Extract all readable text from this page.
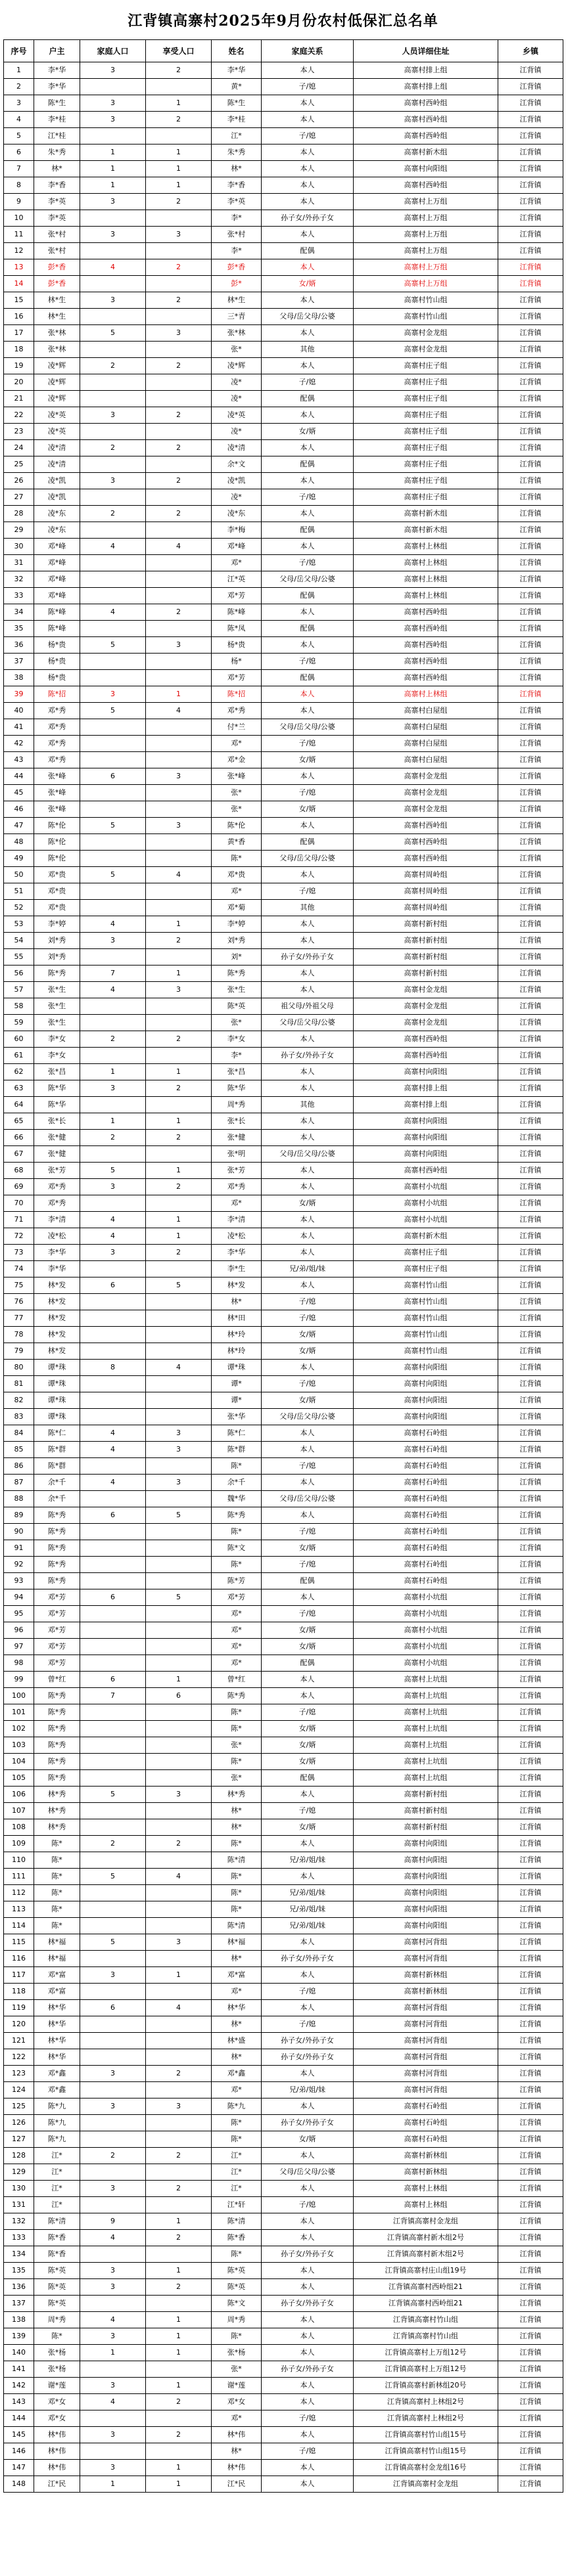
江背镇高寨村2025年9月份农村低保汇总名单
序号	户主	家庭人口	享受人口	姓名	家庭关系	人员详细住址	乡镇
1	李*华	3	2	李*华	本人	高寨村排上组	江背镇
2	李*华			黄*	子/媳	高寨村排上组	江背镇
3	陈*生	3	1	陈*生	本人	高寨村西岭组	江背镇
4	李*桂	3	2	李*桂	本人	高寨村西岭组	江背镇
5	江*桂			江*	子/媳	高寨村西岭组	江背镇
6	朱*秀	1	1	朱*秀	本人	高寨村新木组	江背镇
7	林*	1	1	林*	本人	高寨村向阳组	江背镇
8	李*香	1	1	李*香	本人	高寨村西岭组	江背镇
9	李*英	3	2	李*英	本人	高寨村上万组	江背镇
10	李*英			李*	孙子女/外孙子女	高寨村上万组	江背镇
11	张*村	3	3	张*村	本人	高寨村上万组	江背镇
12	张*村			李*	配偶	高寨村上万组	江背镇
13	彭*香	4	2	彭*香	本人	高寨村上万组	江背镇
14	彭*香			彭*	女/婿	高寨村上万组	江背镇
15	林*生	3	2	林*生	本人	高寨村竹山组	江背镇
16	林*生			三*青	父母/岳父母/公婆	高寨村竹山组	江背镇
17	张*林	5	3	张*林	本人	高寨村金龙组	江背镇
18	张*林			张*	其他	高寨村金龙组	江背镇
19	凌*辉	2	2	凌*辉	本人	高寨村庄子组	江背镇
20	凌*辉			凌*	子/媳	高寨村庄子组	江背镇
21	凌*辉			凌*	配偶	高寨村庄子组	江背镇
22	凌*英	3	2	凌*英	本人	高寨村庄子组	江背镇
23	凌*英			凌*	女/婿	高寨村庄子组	江背镇
24	凌*清	2	2	凌*清	本人	高寨村庄子组	江背镇
25	凌*清			余*文	配偶	高寨村庄子组	江背镇
26	凌*凯	3	2	凌*凯	本人	高寨村庄子组	江背镇
27	凌*凯			凌*	子/媳	高寨村庄子组	江背镇
28	凌*东	2	2	凌*东	本人	高寨村新木组	江背镇
29	凌*东			李*梅	配偶	高寨村新木组	江背镇
30	邓*峰	4	4	邓*峰	本人	高寨村上林组	江背镇
31	邓*峰			邓*	子/媳	高寨村上林组	江背镇
32	邓*峰			江*英	父母/岳父母/公婆	高寨村上林组	江背镇
33	邓*峰			邓*芳	配偶	高寨村上林组	江背镇
34	陈*峰	4	2	陈*峰	本人	高寨村西岭组	江背镇
35	陈*峰			陈*凤	配偶	高寨村西岭组	江背镇
36	杨*贵	5	3	杨*贵	本人	高寨村西岭组	江背镇
37	杨*贵			杨*	子/媳	高寨村西岭组	江背镇
38	杨*贵			邓*芳	配偶	高寨村西岭组	江背镇
39	陈*招	3	1	陈*招	本人	高寨村上林组	江背镇
40	邓*秀	5	4	邓*秀	本人	高寨村白屋组	江背镇
41	邓*秀			付*兰	父母/岳父母/公婆	高寨村白屋组	江背镇
42	邓*秀			邓*	子/媳	高寨村白屋组	江背镇
43	邓*秀			邓*金	女/婿	高寨村白屋组	江背镇
44	张*峰	6	3	张*峰	本人	高寨村金龙组	江背镇
45	张*峰			张*	子/媳	高寨村金龙组	江背镇
46	张*峰			张*	女/婿	高寨村金龙组	江背镇
47	陈*伦	5	3	陈*伦	本人	高寨村西岭组	江背镇
48	陈*伦			黄*香	配偶	高寨村西岭组	江背镇
49	陈*伦			陈*	父母/岳父母/公婆	高寨村西岭组	江背镇
50	邓*贵	5	4	邓*贵	本人	高寨村周岭组	江背镇
51	邓*贵			邓*	子/媳	高寨村周岭组	江背镇
52	邓*贵			邓*菊	其他	高寨村周岭组	江背镇
53	李*婷	4	1	李*婷	本人	高寨村新村组	江背镇
54	刘*秀	3	2	刘*秀	本人	高寨村新村组	江背镇
55	刘*秀			刘*	孙子女/外孙子女	高寨村新村组	江背镇
56	陈*秀	7	1	陈*秀	本人	高寨村新村组	江背镇
57	张*生	4	3	张*生	本人	高寨村金龙组	江背镇
58	张*生			陈*英	祖父母/外祖父母	高寨村金龙组	江背镇
59	张*生			张*	父母/岳父母/公婆	高寨村金龙组	江背镇
60	李*女	2	2	李*女	本人	高寨村西岭组	江背镇
61	李*女			李*	孙子女/外孙子女	高寨村西岭组	江背镇
62	张*昌	1	1	张*昌	本人	高寨村向阳组	江背镇
63	陈*华	3	2	陈*华	本人	高寨村排上组	江背镇
64	陈*华			周*秀	其他	高寨村排上组	江背镇
65	张*长	1	1	张*长	本人	高寨村向阳组	江背镇
66	张*健	2	2	张*健	本人	高寨村向阳组	江背镇
67	张*健			张*明	父母/岳父母/公婆	高寨村向阳组	江背镇
68	张*芳	5	1	张*芳	本人	高寨村西岭组	江背镇
69	邓*秀	3	2	邓*秀	本人	高寨村小坑组	江背镇
70	邓*秀			邓*	女/婿	高寨村小坑组	江背镇
71	李*清	4	1	李*清	本人	高寨村小坑组	江背镇
72	凌*松	4	1	凌*松	本人	高寨村新木组	江背镇
73	李*华	3	2	李*华	本人	高寨村庄子组	江背镇
74	李*华			李*生	兄/弟/姐/妹	高寨村庄子组	江背镇
75	林*发	6	5	林*发	本人	高寨村竹山组	江背镇
76	林*发			林*	子/媳	高寨村竹山组	江背镇
77	林*发			林*田	子/媳	高寨村竹山组	江背镇
78	林*发			林*玲	女/婿	高寨村竹山组	江背镇
79	林*发			林*玲	女/婿	高寨村竹山组	江背镇
80	谭*珠	8	4	谭*珠	本人	高寨村向阳组	江背镇
81	谭*珠			谭*	子/媳	高寨村向阳组	江背镇
82	谭*珠			谭*	女/婿	高寨村向阳组	江背镇
83	谭*珠			张*华	父母/岳父母/公婆	高寨村向阳组	江背镇
84	陈*仁	4	3	陈*仁	本人	高寨村石岭组	江背镇
85	陈*群	4	3	陈*群	本人	高寨村石岭组	江背镇
86	陈*群			陈*	子/媳	高寨村石岭组	江背镇
87	余*千	4	3	余*千	本人	高寨村石岭组	江背镇
88	余*千			魏*华	父母/岳父母/公婆	高寨村石岭组	江背镇
89	陈*秀	6	5	陈*秀	本人	高寨村石岭组	江背镇
90	陈*秀			陈*	子/媳	高寨村石岭组	江背镇
91	陈*秀			陈*文	女/婿	高寨村石岭组	江背镇
92	陈*秀			陈*	子/媳	高寨村石岭组	江背镇
93	陈*秀			陈*芳	配偶	高寨村石岭组	江背镇
94	邓*芳	6	5	邓*芳	本人	高寨村小坑组	江背镇
95	邓*芳			邓*	子/媳	高寨村小坑组	江背镇
96	邓*芳			邓*	女/婿	高寨村小坑组	江背镇
97	邓*芳			邓*	女/婿	高寨村小坑组	江背镇
98	邓*芳			邓*	配偶	高寨村小坑组	江背镇
99	曾*红	6	1	曾*红	本人	高寨村上坑组	江背镇
100	陈*秀	7	6	陈*秀	本人	高寨村上坑组	江背镇
101	陈*秀			陈*	子/媳	高寨村上坑组	江背镇
102	陈*秀			陈*	女/婿	高寨村上坑组	江背镇
103	陈*秀			张*	女/婿	高寨村上坑组	江背镇
104	陈*秀			陈*	女/婿	高寨村上坑组	江背镇
105	陈*秀			张*	配偶	高寨村上坑组	江背镇
106	林*秀	5	3	林*秀	本人	高寨村新村组	江背镇
107	林*秀			林*	子/媳	高寨村新村组	江背镇
108	林*秀			林*	女/婿	高寨村新村组	江背镇
109	陈*	2	2	陈*	本人	高寨村向阳组	江背镇
110	陈*			陈*清	兄/弟/姐/妹	高寨村向阳组	江背镇
111	陈*	5	4	陈*	本人	高寨村向阳组	江背镇
112	陈*			陈*	兄/弟/姐/妹	高寨村向阳组	江背镇
113	陈*			陈*	兄/弟/姐/妹	高寨村向阳组	江背镇
114	陈*			陈*清	兄/弟/姐/妹	高寨村向阳组	江背镇
115	林*福	5	3	林*福	本人	高寨村河背组	江背镇
116	林*福			林*	孙子女/外孙子女	高寨村河背组	江背镇
117	邓*富	3	1	邓*富	本人	高寨村新林组	江背镇
118	邓*富			邓*	子/媳	高寨村新林组	江背镇
119	林*华	6	4	林*华	本人	高寨村河背组	江背镇
120	林*华			林*	子/媳	高寨村河背组	江背镇
121	林*华			林*盛	孙子女/外孙子女	高寨村河背组	江背镇
122	林*华			林*	孙子女/外孙子女	高寨村河背组	江背镇
123	邓*鑫	3	2	邓*鑫	本人	高寨村河背组	江背镇
124	邓*鑫			邓*	兄/弟/姐/妹	高寨村河背组	江背镇
125	陈*九	3	3	陈*九	本人	高寨村石岭组	江背镇
126	陈*九			陈*	孙子女/外孙子女	高寨村石岭组	江背镇
127	陈*九			陈*	女/婿	高寨村石岭组	江背镇
128	江*	2	2	江*	本人	高寨村新林组	江背镇
129	江*			江*	父母/岳父母/公婆	高寨村新林组	江背镇
130	江*	3	2	江*	本人	高寨村上林组	江背镇
131	江*			江*轩	子/媳	高寨村上林组	江背镇
132	陈*清	9	1	陈*清	本人	江背镇高寨村金龙组	江背镇
133	陈*香	4	2	陈*香	本人	江背镇高寨村新木组2号	江背镇
134	陈*香			陈*	孙子女/外孙子女	江背镇高寨村新木组2号	江背镇
135	陈*英	3	1	陈*英	本人	江背镇高寨村庄山组19号	江背镇
136	陈*英	3	2	陈*英	本人	江背镇高寨村西岭组21	江背镇
137	陈*英			陈*文	孙子女/外孙子女	江背镇高寨村西岭组21	江背镇
138	周*秀	4	1	周*秀	本人	江背镇高寨村竹山组	江背镇
139	陈*	3	1	陈*	本人	江背镇高寨村竹山组	江背镇
140	张*杨	1	1	张*杨	本人	江背镇高寨村上万组12号	江背镇
141	张*杨			张*	孙子女/外孙子女	江背镇高寨村上万组12号	江背镇
142	谢*莲	3	1	谢*莲	本人	江背镇高寨村新林组20号	江背镇
143	邓*女	4	2	邓*女	本人	江背镇高寨村上林组2号	江背镇
144	邓*女			邓*	子/媳	江背镇高寨村上林组2号	江背镇
145	林*伟	3	2	林*伟	本人	江背镇高寨村竹山组15号	江背镇
146	林*伟			林*	子/媳	江背镇高寨村竹山组15号	江背镇
147	林*伟	3	1	林*伟	本人	江背镇高寨村金龙组16号	江背镇
148	江*民	1	1	江*民	本人	江背镇高寨村金龙组	江背镇
